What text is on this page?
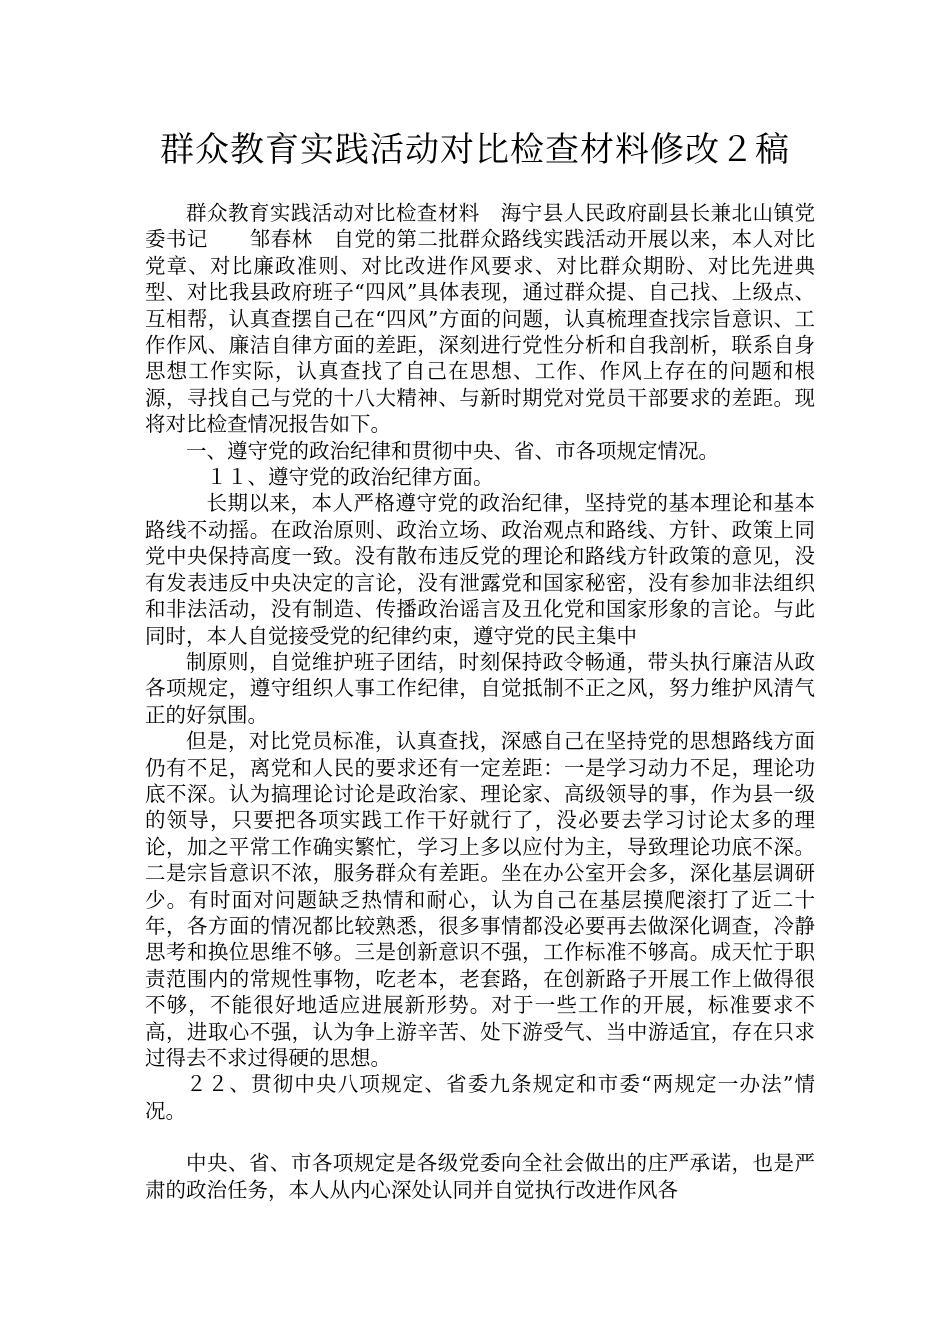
群众教育实践活动对比检查材料修改２稿

群众教育实践活动对比检查材料　海宁县人民政府副县长兼北山镇党委书记　　邹春林　自党的第二批群众路线实践活动开展以来，本人对比党章、对比廉政准则、对比改进作风要求、对比群众期盼、对比先进典型、对比我县政府班子“四风”具体表现，通过群众提、自己找、上级点、互相帮，认真查摆自己在“四风”方面的问题，认真梳理查找宗旨意识、工作作风、廉洁自律方面的差距，深刻进行党性分析和自我剖析，联系自身思想工作实际，认真查找了自己在思想、工作、作风上存在的问题和根源，寻找自己与党的十八大精神、与新时期党对党员干部要求的差距。现将对比检查情况报告如下。

一、遵守党的政治纪律和贯彻中央、省、市各项规定情况。

１１、遵守党的政治纪律方面。

长期以来，本人严格遵守党的政治纪律，坚持党的基本理论和基本路线不动摇。在政治原则、政治立场、政治观点和路线、方针、政策上同党中央保持高度一致。没有散布违反党的理论和路线方针政策的意见，没有发表违反中央决定的言论，没有泄露党和国家秘密，没有参加非法组织和非法活动，没有制造、传播政治谣言及丑化党和国家形象的言论。与此同时，本人自觉接受党的纪律约束，遵守党的民主集中

制原则，自觉维护班子团结，时刻保持政令畅通，带头执行廉洁从政各项规定，遵守组织人事工作纪律，自觉抵制不正之风，努力维护风清气正的好氛围。

但是，对比党员标准，认真查找，深感自己在坚持党的思想路线方面仍有不足，离党和人民的要求还有一定差距：一是学习动力不足，理论功底不深。认为搞理论讨论是政治家、理论家、高级领导的事，作为县一级的领导，只要把各项实践工作干好就行了，没必要去学习讨论太多的理论，加之平常工作确实繁忙，学习上多以应付为主，导致理论功底不深。二是宗旨意识不浓，服务群众有差距。坐在办公室开会多，深化基层调研少。有时面对问题缺乏热情和耐心，认为自己在基层摸爬滚打了近二十年，各方面的情况都比较熟悉，很多事情都没必要再去做深化调查，冷静思考和换位思维不够。三是创新意识不强，工作标准不够高。成天忙于职责范围内的常规性事物，吃老本，老套路，在创新路子开展工作上做得很不够，不能很好地适应进展新形势。对于一些工作的开展，标准要求不高，进取心不强，认为争上游辛苦、处下游受气、当中游适宜，存在只求过得去不求过得硬的思想。

２２、贯彻中央八项规定、省委九条规定和市委“两规定一办法”情况。

中央、省、市各项规定是各级党委向全社会做出的庄严承诺，也是严肃的政治任务，本人从内心深处认同并自觉执行改进作风各
